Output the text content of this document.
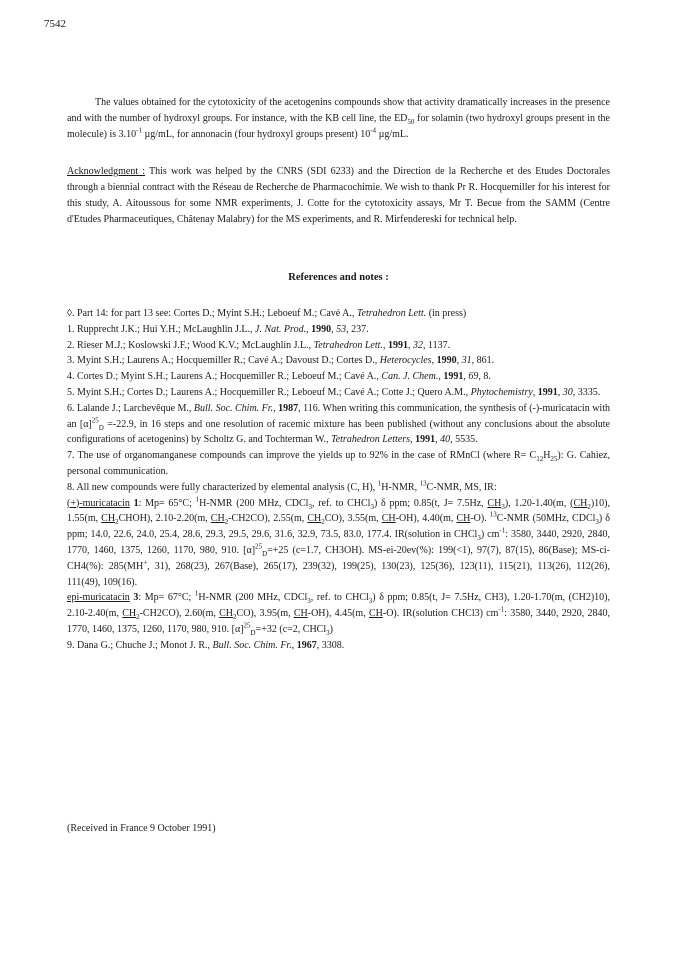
7542

The values obtained for the cytotoxicity of the acetogenins compounds show that activity dramatically increases in the presence and with the number of hydroxyl groups. For instance, with the KB cell line, the $ED_{50}$ for solamin (two hydroxyl groups present in the molecule) is $3.10^{-1}$ µg/mL, for annonacin (four hydroxyl groups present) $10^{-4}$ µg/mL.

Acknowledgment : This work was helped by the CNRS (SDI 6233) and the Direction de la Recherche et des Etudes Doctorales through a biennial contract with the Réseau de Recherche de Pharmacochimie. We wish to thank Pr R. Hocquemiller for his interest for this study, A. Aitoussous for some NMR experiments, J. Cotte for the cytotoxicity assays, Mr T. Becue from the SAMM (Centre d'Etudes Pharmaceutiques, Châtenay Malabry) for the MS experiments, and R. Mirfendereski for technical help.

References and notes :

◊. Part 14: for part 13 see: Cortes D.; Myint S.H.; Leboeuf M.; Cavé A., Tetrahedron Lett. (in press)

1. Rupprecht J.K.; Hui Y.H.; McLaughlin J.L., J. Nat. Prod., 1990, 53, 237.

2. Rieser M.J.; Koslowski J.F.; Wood K.V.; McLaughlin J.L., Tetrahedron Lett., 1991, 32, 1137.

3. Myint S.H.; Laurens A.; Hocquemiller R.; Cavé A.; Davoust D.; Cortes D., Heterocycles, 1990, 31, 861.

4. Cortes D.; Myint S.H.; Laurens A.; Hocquemiller R.; Leboeuf M.; Cavé A., Can. J. Chem., 1991, 69, 8.

5. Myint S.H.; Cortes D.; Laurens A.; Hocquemiller R.; Leboeuf M.; Cavé A.; Cotte J.; Quero A.M., Phytochemistry, 1991, 30, 3335.

6. Lalande J.; Larchevêque M., Bull. Soc. Chim. Fr., 1987, 116. When writing this communication, the synthesis of (-)-muricatacin with an $[\alpha]^{25}_D =-22.9$, in 16 steps and one resolution of racemic mixture has been published (without any conclusions about the absolute configurations of acetogenins) by Scholtz G. and Tochterman W., Tetrahedron Letters, 1991, 40, 5535.

7. The use of organomanganese compounds can improve the yields up to 92% in the case of RMnCl (where $R= C_{12}H_{25}$): G. Cahiez, personal communication.

8. All new compounds were fully characterized by elemental analysis (C, H), $^1$H-NMR, $^{13}$C-NMR, MS, IR:
(+)-muricatacin 1: Mp= 65°C; $^1$H-NMR (200 MHz, CDCl$_3$, ref. to CHCl$_3$) δ ppm; 0.85(t, J= 7.5Hz, $CH_3$), 1.20-1.40(m, $(CH_2)10$), 1.55(m, $CH_2CHOH$), 2.10-2.20(m, $CH_2-CH2CO$), 2.55(m, $CH_2CO$), 3.55(m, CH-OH), 4.40(m, CH-O). $^{13}$C-NMR (50MHz, CDCl$_3$) δ ppm; 14.0, 22.6, 24.0, 25.4, 28.6, 29.3, 29.5, 29.6, 31.6, 32.9, 73.5, 83.0, 177.4. IR(solution in CHCl$_3$) $cm^{-1}$: 3580, 3440, 2920, 2840, 1770, 1460, 1375, 1260, 1170, 980, 910. $[\alpha]^{25}_D=+25$ (c=1.7, CH3OH). MS-ei-20ev(%): 199(<1), 97(7), 87(15), 86(Base); MS-ci-CH4(%): 285(MH+, 31), 268(23), 267(Base), 265(17), 239(32), 199(25), 130(23), 125(36), 123(11), 115(21), 113(26), 112(26), 111(49), 109(16).
epi-muricatacin 3: Mp= 67°C; $^1$H-NMR (200 MHz, CDCl$_3$, ref. to CHCl$_3$) δ ppm; 0.85(t, J= 7.5Hz, CH3), 1.20-1.70(m, (CH2)10), 2.10-2.40(m, $CH_2-CH2CO$), 2.60(m, $CH_2CO$), 3.95(m, CH-OH), 4.45(m, CH-O). IR(solution CHCl3) $cm^{-1}$: 3580, 3440, 2920, 2840, 1770, 1460, 1375, 1260, 1170, 980, 910. $[\alpha]^{25}_D=+32$ (c=2, CHCl$_3$)

9. Dana G.; Chuche J.; Monot J. R., Bull. Soc. Chim. Fr., 1967, 3308.

(Received in France 9 October 1991)
